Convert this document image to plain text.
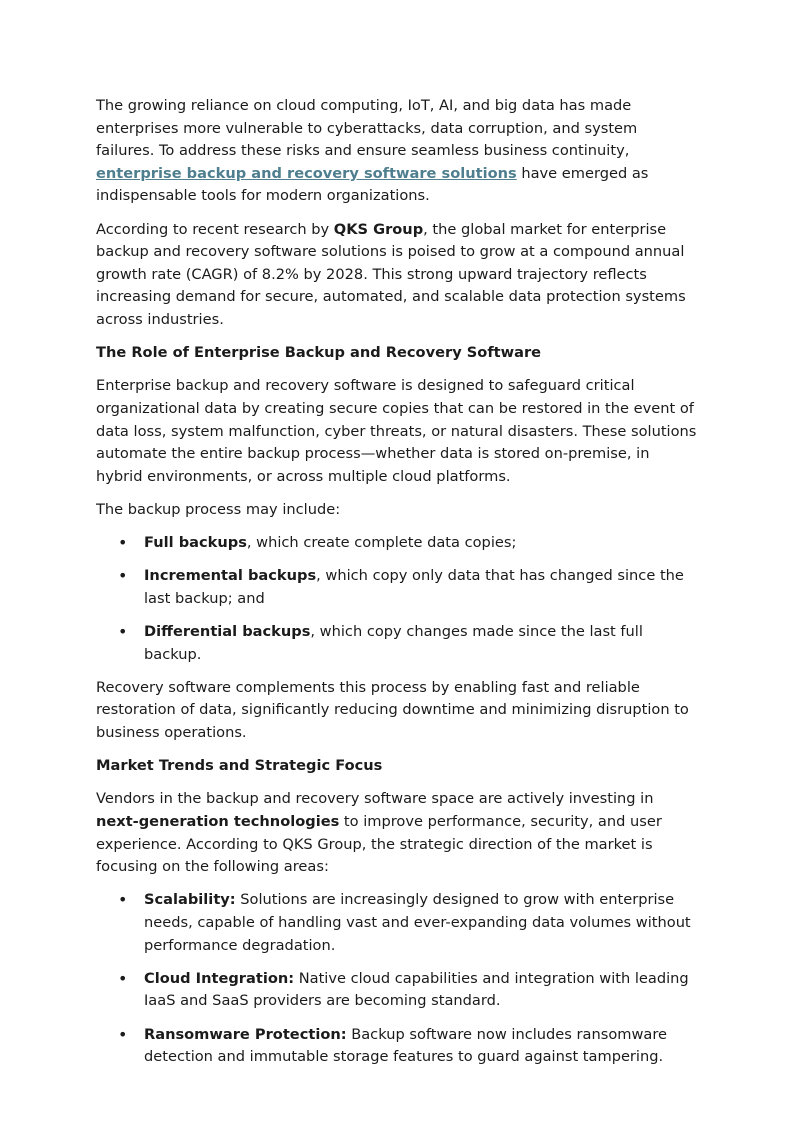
The growing reliance on cloud computing, IoT, AI, and big data has made enterprises more vulnerable to cyberattacks, data corruption, and system failures. To address these risks and ensure seamless business continuity, enterprise backup and recovery software solutions have emerged as indispensable tools for modern organizations.

According to recent research by QKS Group, the global market for enterprise backup and recovery software solutions is poised to grow at a compound annual growth rate (CAGR) of 8.2% by 2028. This strong upward trajectory reflects increasing demand for secure, automated, and scalable data protection systems across industries.

The Role of Enterprise Backup and Recovery Software

Enterprise backup and recovery software is designed to safeguard critical organizational data by creating secure copies that can be restored in the event of data loss, system malfunction, cyber threats, or natural disasters. These solutions automate the entire backup process—whether data is stored on-premise, in hybrid environments, or across multiple cloud platforms.

The backup process may include:

• Full backups, which create complete data copies;
• Incremental backups, which copy only data that has changed since the last backup; and
• Differential backups, which copy changes made since the last full backup.

Recovery software complements this process by enabling fast and reliable restoration of data, significantly reducing downtime and minimizing disruption to business operations.

Market Trends and Strategic Focus

Vendors in the backup and recovery software space are actively investing in next-generation technologies to improve performance, security, and user experience. According to QKS Group, the strategic direction of the market is focusing on the following areas:

• Scalability: Solutions are increasingly designed to grow with enterprise needs, capable of handling vast and ever-expanding data volumes without performance degradation.
• Cloud Integration: Native cloud capabilities and integration with leading IaaS and SaaS providers are becoming standard.
• Ransomware Protection: Backup software now includes ransomware detection and immutable storage features to guard against tampering.
